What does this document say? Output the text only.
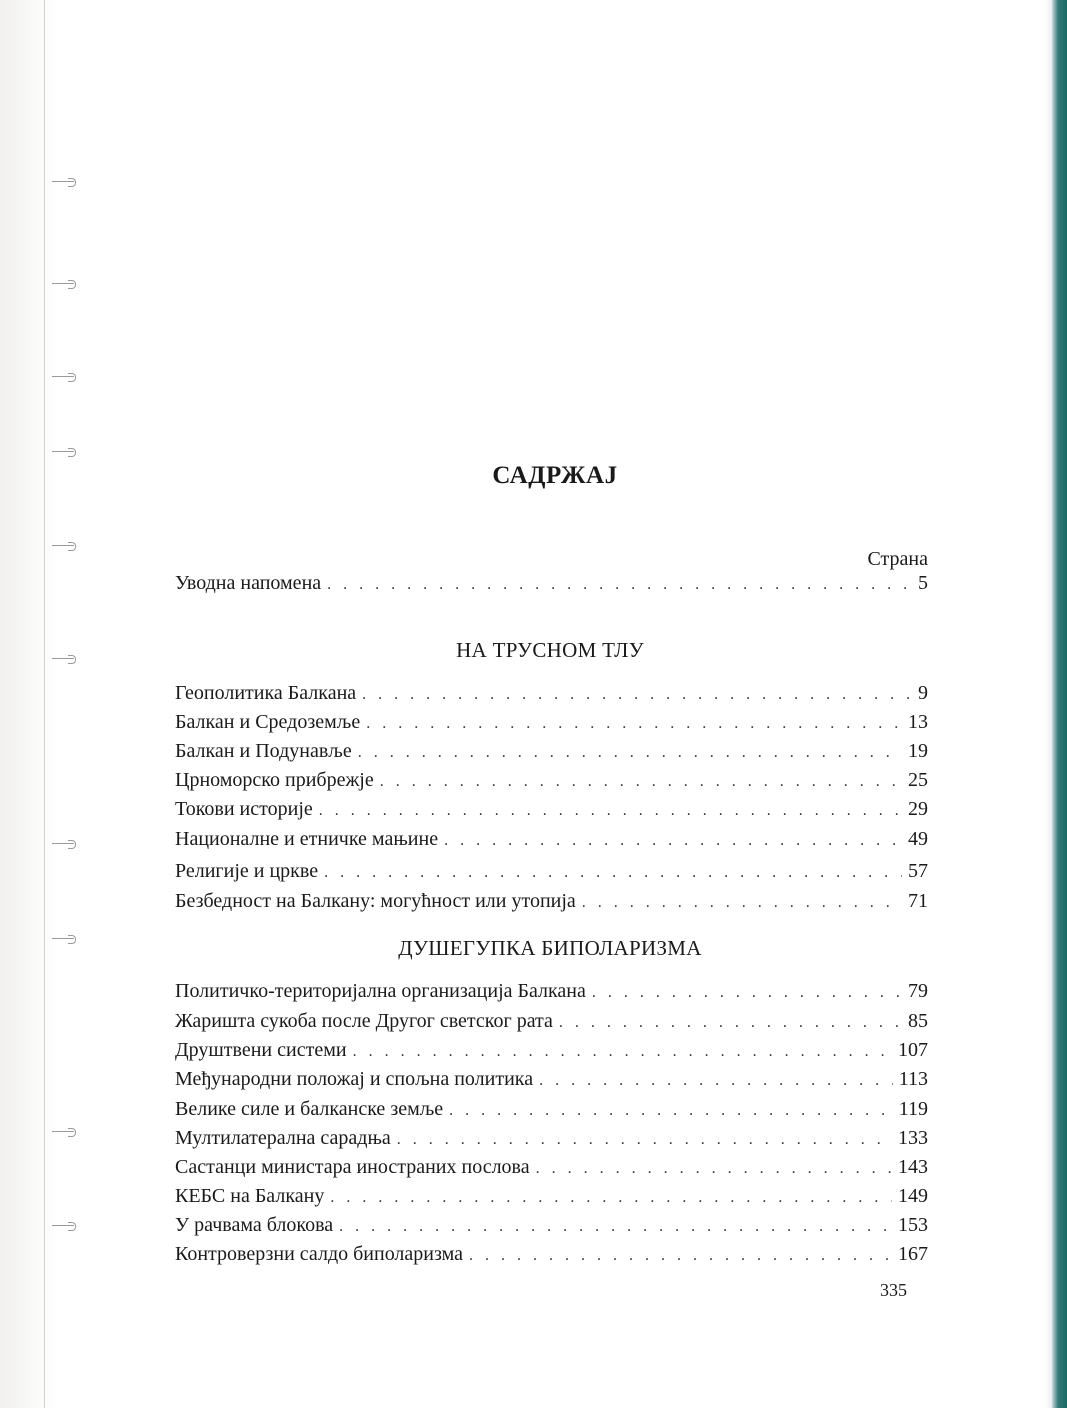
САДРЖАЈ
Страна
Уводна напомена . . .	5
НА ТРУСНОМ ТЛУ
Геополитика Балкана . . .	9
Балкан и Средоземље . . .	13
Балкан и Подунавље . . .	19
Црноморско прибрежје . . .	25
Токови историје . . .	29
Националне и етничке мањине . . .	49
Религије и цркве . . .	57
Безбедност на Балкану: могућност или утопија . . .	71
ДУШЕГУПКА БИПОЛАРИЗМА
Политичко-територијална организација Балкана . . .	79
Жаришта сукоба после Другог светског рата . . .	85
Друштвени системи . . .	107
Међународни положај и спољна политика . . .	113
Велике силе и балканске земље . . .	119
Мултилатерална сарадња . . .	133
Састанци министара иностраних послова . . .	143
КЕБС на Балкану . . .	149
У рачвама блокова . . .	153
Контроверзни салдо биполаризма . . .	167
335
